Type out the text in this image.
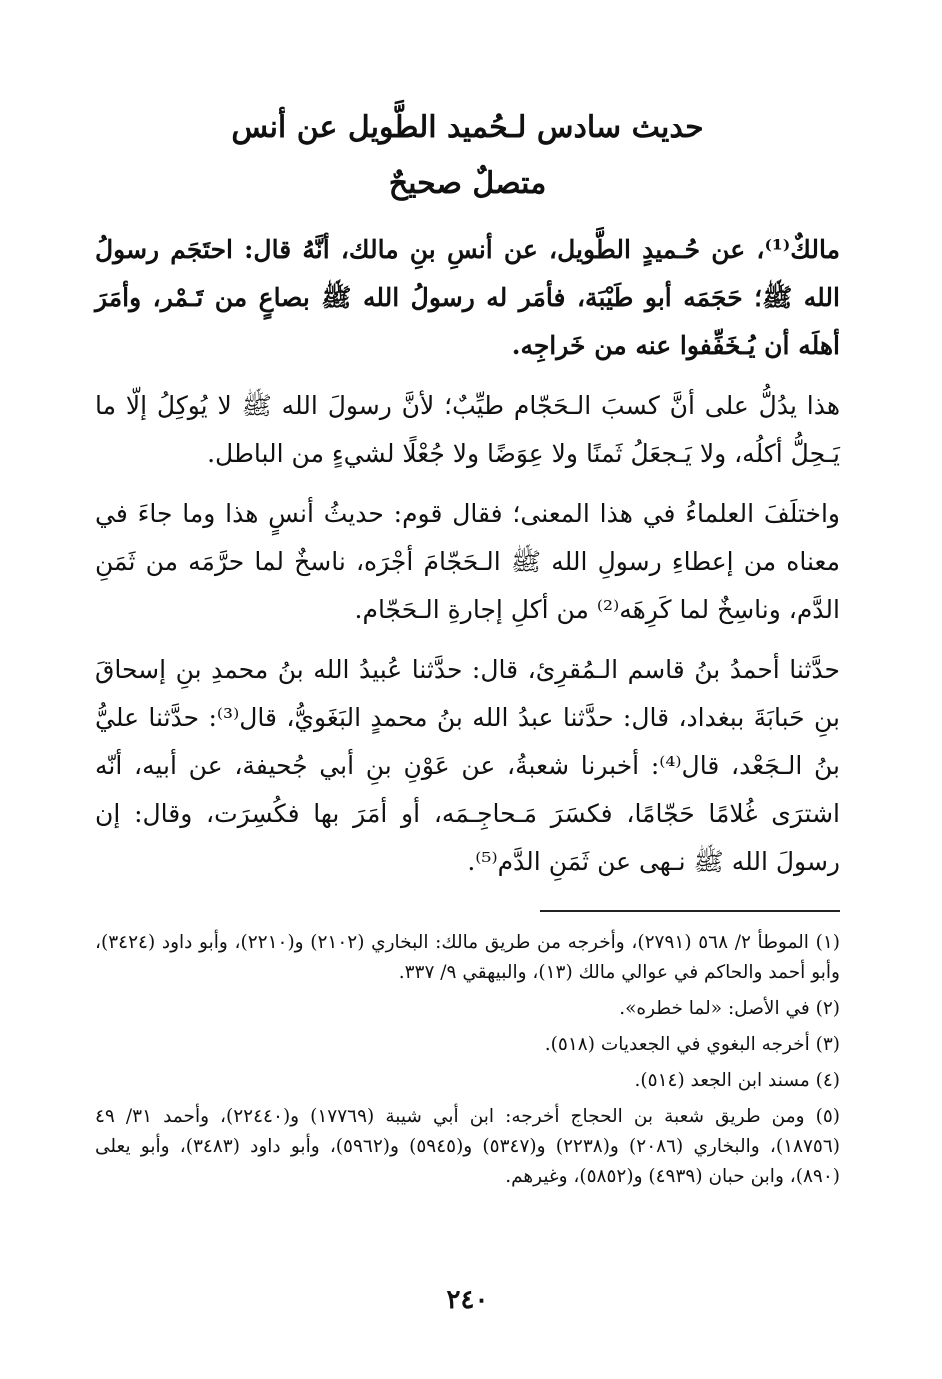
حديث سادس لـحُميد الطَّويل عن أنس
متصلٌ صحيحٌ

مالكٌ⁽¹⁾، عن حُـميدٍ الطَّويل، عن أنسِ بنِ مالك، أنَّهُ قال: احتَجَم رسولُ الله ﷺ؛ حَجَمَه أبو طَيْبَة، فأمَر له رسولُ الله ﷺ بصاعٍ من تَـمْر، وأمَرَ أهلَه أن يُـخَفِّفوا عنه من خَراجِه.

هذا يدُلُّ على أنَّ كسبَ الـحَجّام طيِّبٌ؛ لأنَّ رسولَ الله ﷺ لا يُوكِلُ إلّا ما يَـحِلُّ أكلُه، ولا يَـجعَلُ ثَمنًا ولا عِوَضًا ولا جُعْلًا لشيءٍ من الباطل.

واختلَفَ العلماءُ في هذا المعنى؛ فقال قوم: حديثُ أنسٍ هذا وما جاءَ في معناه من إعطاءِ رسولِ الله ﷺ الـحَجّامَ أجْرَه، ناسخٌ لما حرَّمَه من ثَمَنِ الدَّم، وناسِخٌ لما كَرِهَه⁽²⁾ من أكلِ إجارةِ الـحَجّام.

حدَّثنا أحمدُ بنُ قاسم الـمُقرِئ، قال: حدَّثنا عُبيدُ الله بنُ محمدِ بنِ إسحاقَ بنِ حَبابَةَ ببغداد، قال: حدَّثنا عبدُ الله بنُ محمدٍ البَغَويُّ، قال⁽³⁾: حدَّثنا عليُّ بنُ الـجَعْد، قال⁽⁴⁾: أخبرنا شعبةُ، عن عَوْنِ بنِ أبي جُحيفة، عن أبيه، أنّه اشترَى غُلامًا حَجّامًا، فكسَرَ مَـحاجِـمَه، أو أمَرَ بها فكُسِرَت، وقال: إن رسولَ الله ﷺ نـهى عن ثَمَنِ الدَّم⁽⁵⁾.

(١) الموطأ ٢/ ٥٦٨ (٢٧٩١)، وأخرجه من طريق مالك: البخاري (٢١٠٢) و(٢٢١٠)، وأبو داود (٣٤٢٤)، وأبو أحمد والحاكم في عوالي مالك (١٣)، والبيهقي ٩/ ٣٣٧.

(٢) في الأصل: «لما خطره».

(٣) أخرجه البغوي في الجعديات (٥١٨).

(٤) مسند ابن الجعد (٥١٤).

(٥) ومن طريق شعبة بن الحجاج أخرجه: ابن أبي شيبة (١٧٧٦٩) و(٢٢٤٤٠)، وأحمد ٣١/ ٤٩ (١٨٧٥٦)، والبخاري (٢٠٨٦) و(٢٢٣٨) و(٥٣٤٧) و(٥٩٤٥) و(٥٩٦٢)، وأبو داود (٣٤٨٣)، وأبو يعلى (٨٩٠)، وابن حبان (٤٩٣٩) و(٥٨٥٢)، وغيرهم.

٢٤٠
